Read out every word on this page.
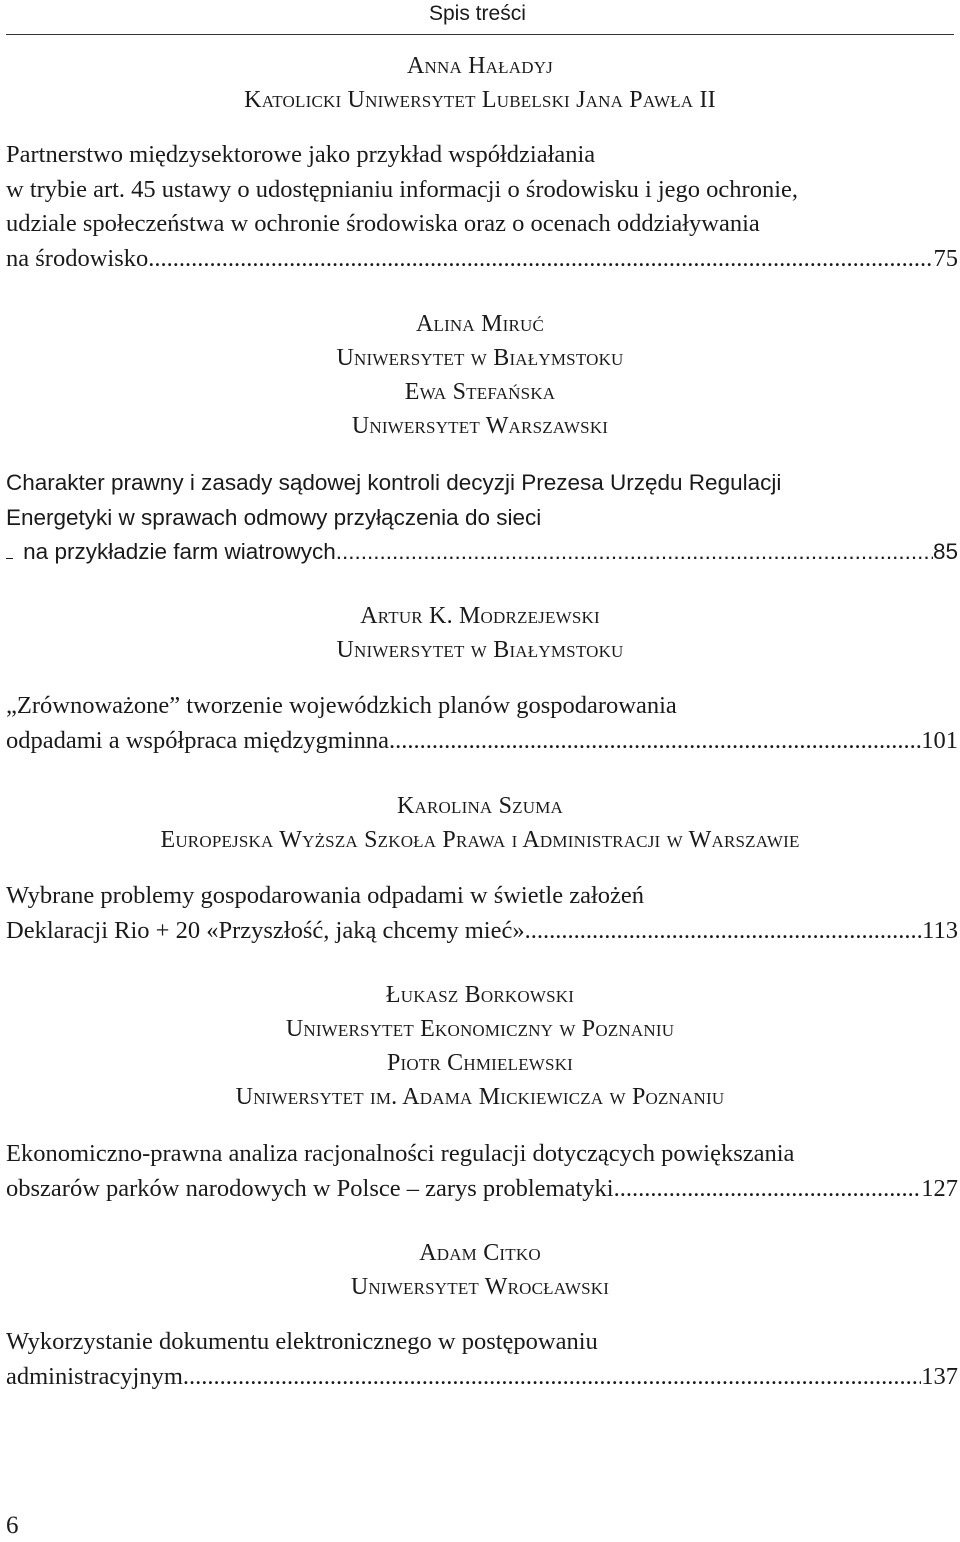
Spis treści
Anna Haładyj
Katolicki Uniwersytet Lubelski Jana Pawła II
Partnerstwo międzysektorowe jako przykład współdziałania
w trybie art. 45 ustawy o udostępnianiu informacji o środowisku i jego ochronie,
udziale społeczeństwa w ochronie środowiska oraz o ocenach oddziaływania
na środowisko .....	75
Alina Miruć
Uniwersytet w Białymstoku
Ewa Stefańska
Uniwersytet Warszawski
Charakter prawny i zasady sądowej kontroli decyzji Prezesa Urzędu Regulacji
Energetyki w sprawach odmowy przyłączenia do sieci
na przykładzie farm wiatrowych .....	85
Artur K. Modrzejewski
Uniwersytet w Białymstoku
„Zrównoważone” tworzenie wojewódzkich planów gospodarowania
odpadami a współpraca międzygminna .....	101
Karolina Szuma
Europejska Wyższa Szkoła Prawa i Administracji w Warszawie
Wybrane problemy gospodarowania odpadami w świetle założeń
Deklaracji Rio + 20 «Przyszłość, jaką chcemy mieć» .....	113
Łukasz Borkowski
Uniwersytet Ekonomiczny w Poznaniu
Piotr Chmielewski
Uniwersytet im. Adama Mickiewicza w Poznaniu
Ekonomiczno-prawna analiza racjonalności regulacji dotyczących powiększania
obszarów parków narodowych w Polsce – zarys problematyki .....	127
Adam Citko
Uniwersytet Wrocławski
Wykorzystanie dokumentu elektronicznego w postępowaniu
administracyjnym .....	137
6
